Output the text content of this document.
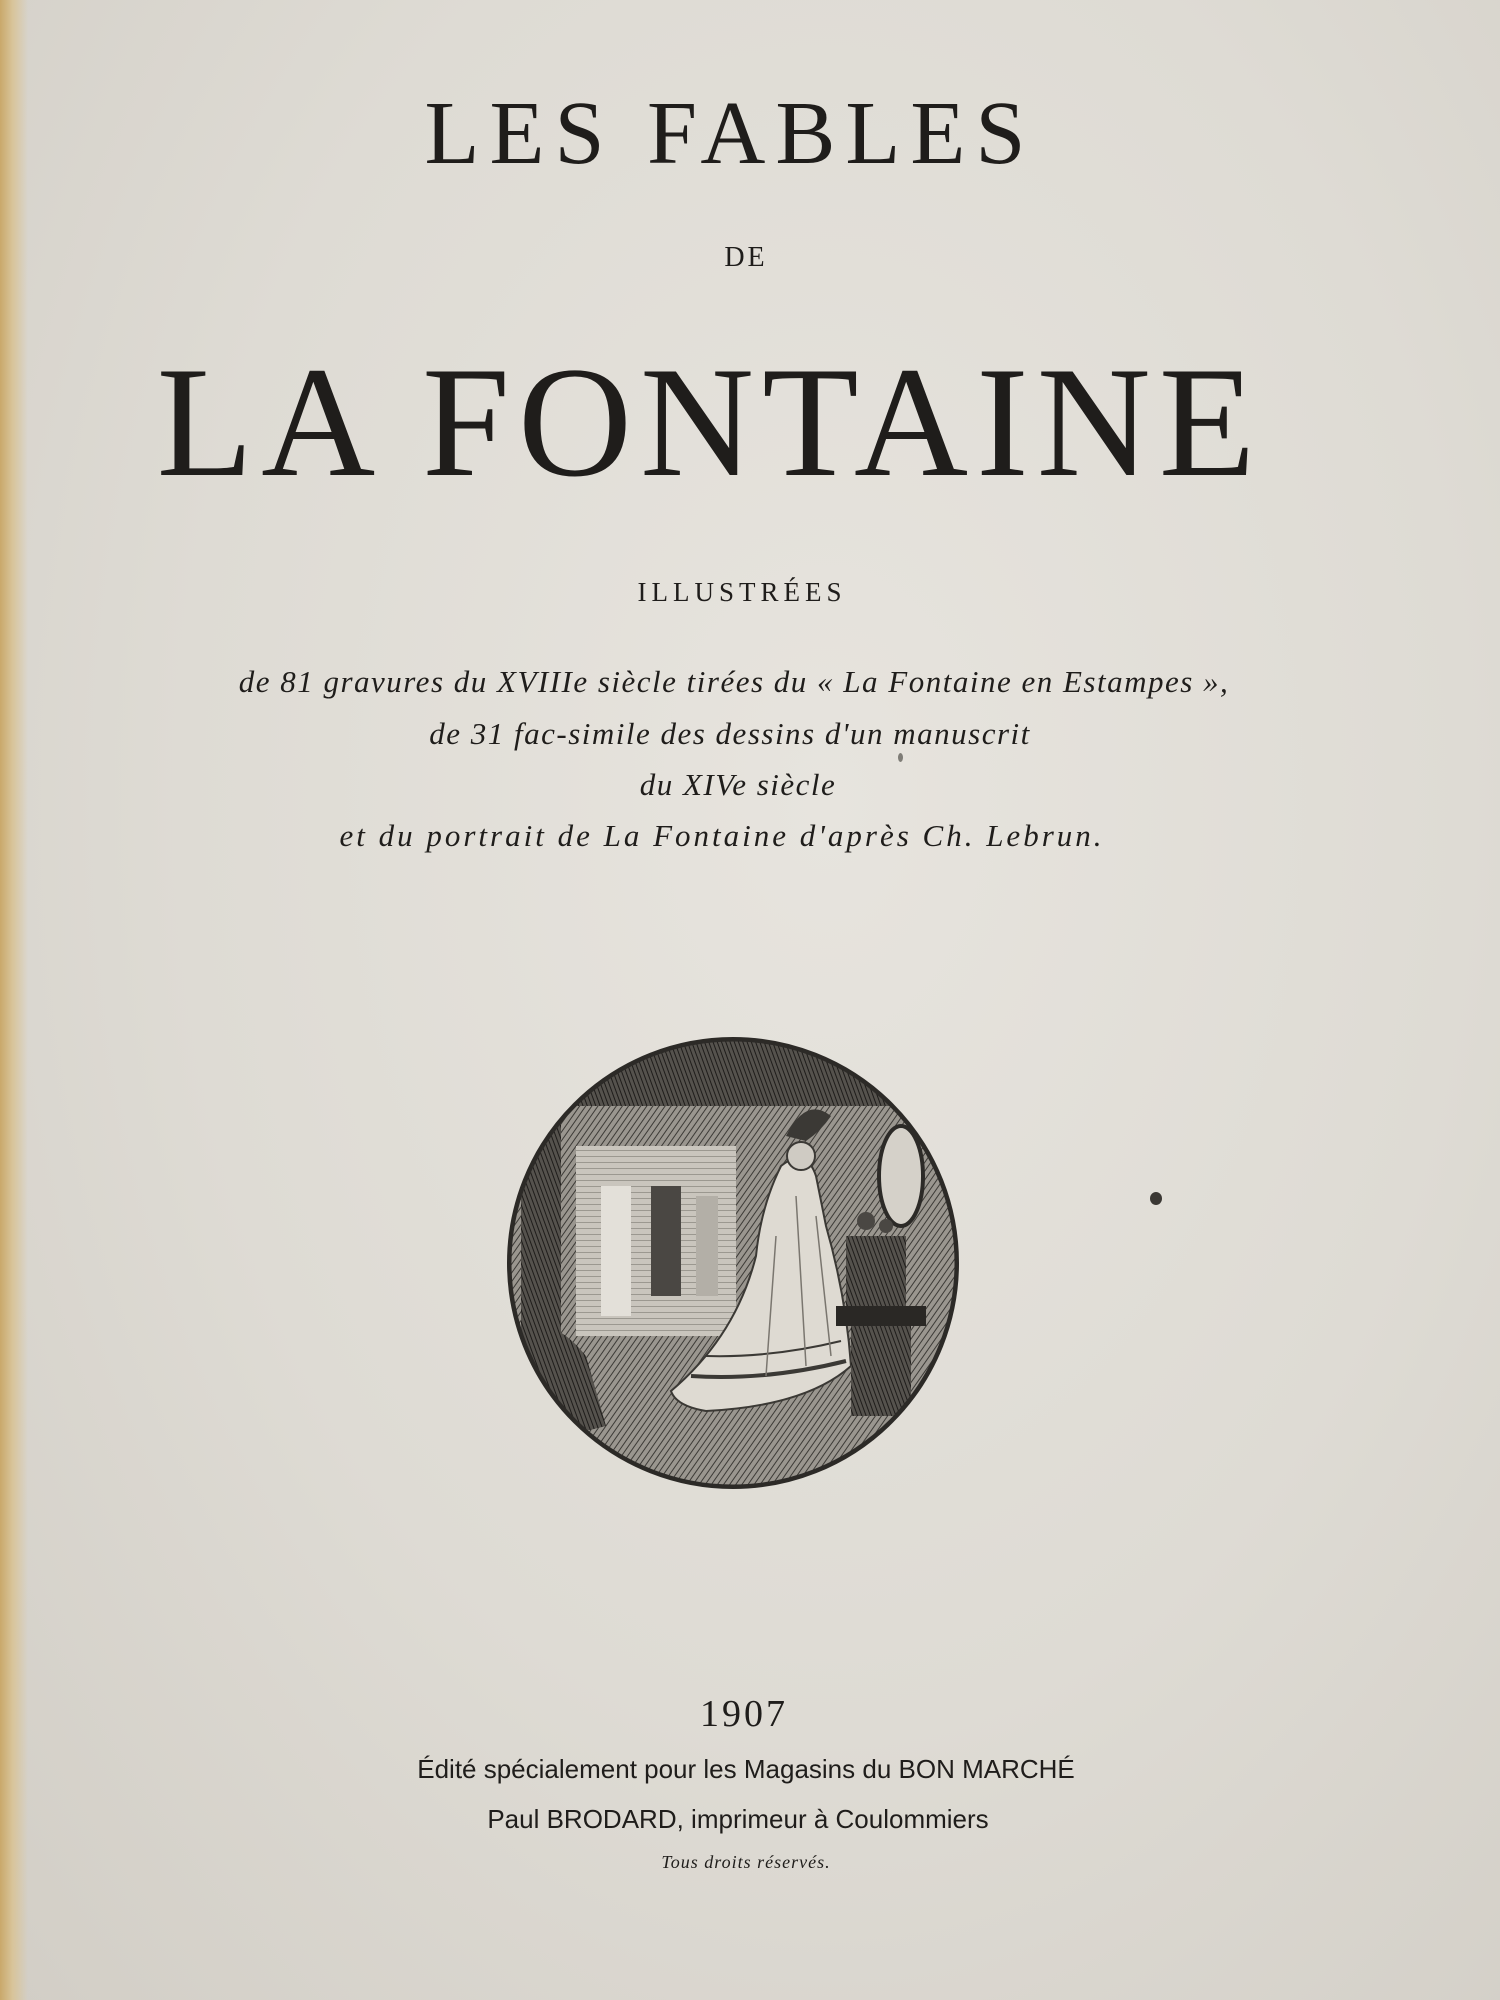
LES FABLES
DE
LA FONTAINE
ILLUSTRÉES
de 81 gravures du XVIIIe siècle tirées du « La Fontaine en Estampes »,
de 31 fac-simile des dessins d'un manuscrit
du XIVe siècle
et du portrait de La Fontaine d'après Ch. Lebrun.
1907
Édité spécialement pour les Magasins du BON MARCHÉ
Paul BRODARD, imprimeur à Coulommiers
Tous droits réservés.
